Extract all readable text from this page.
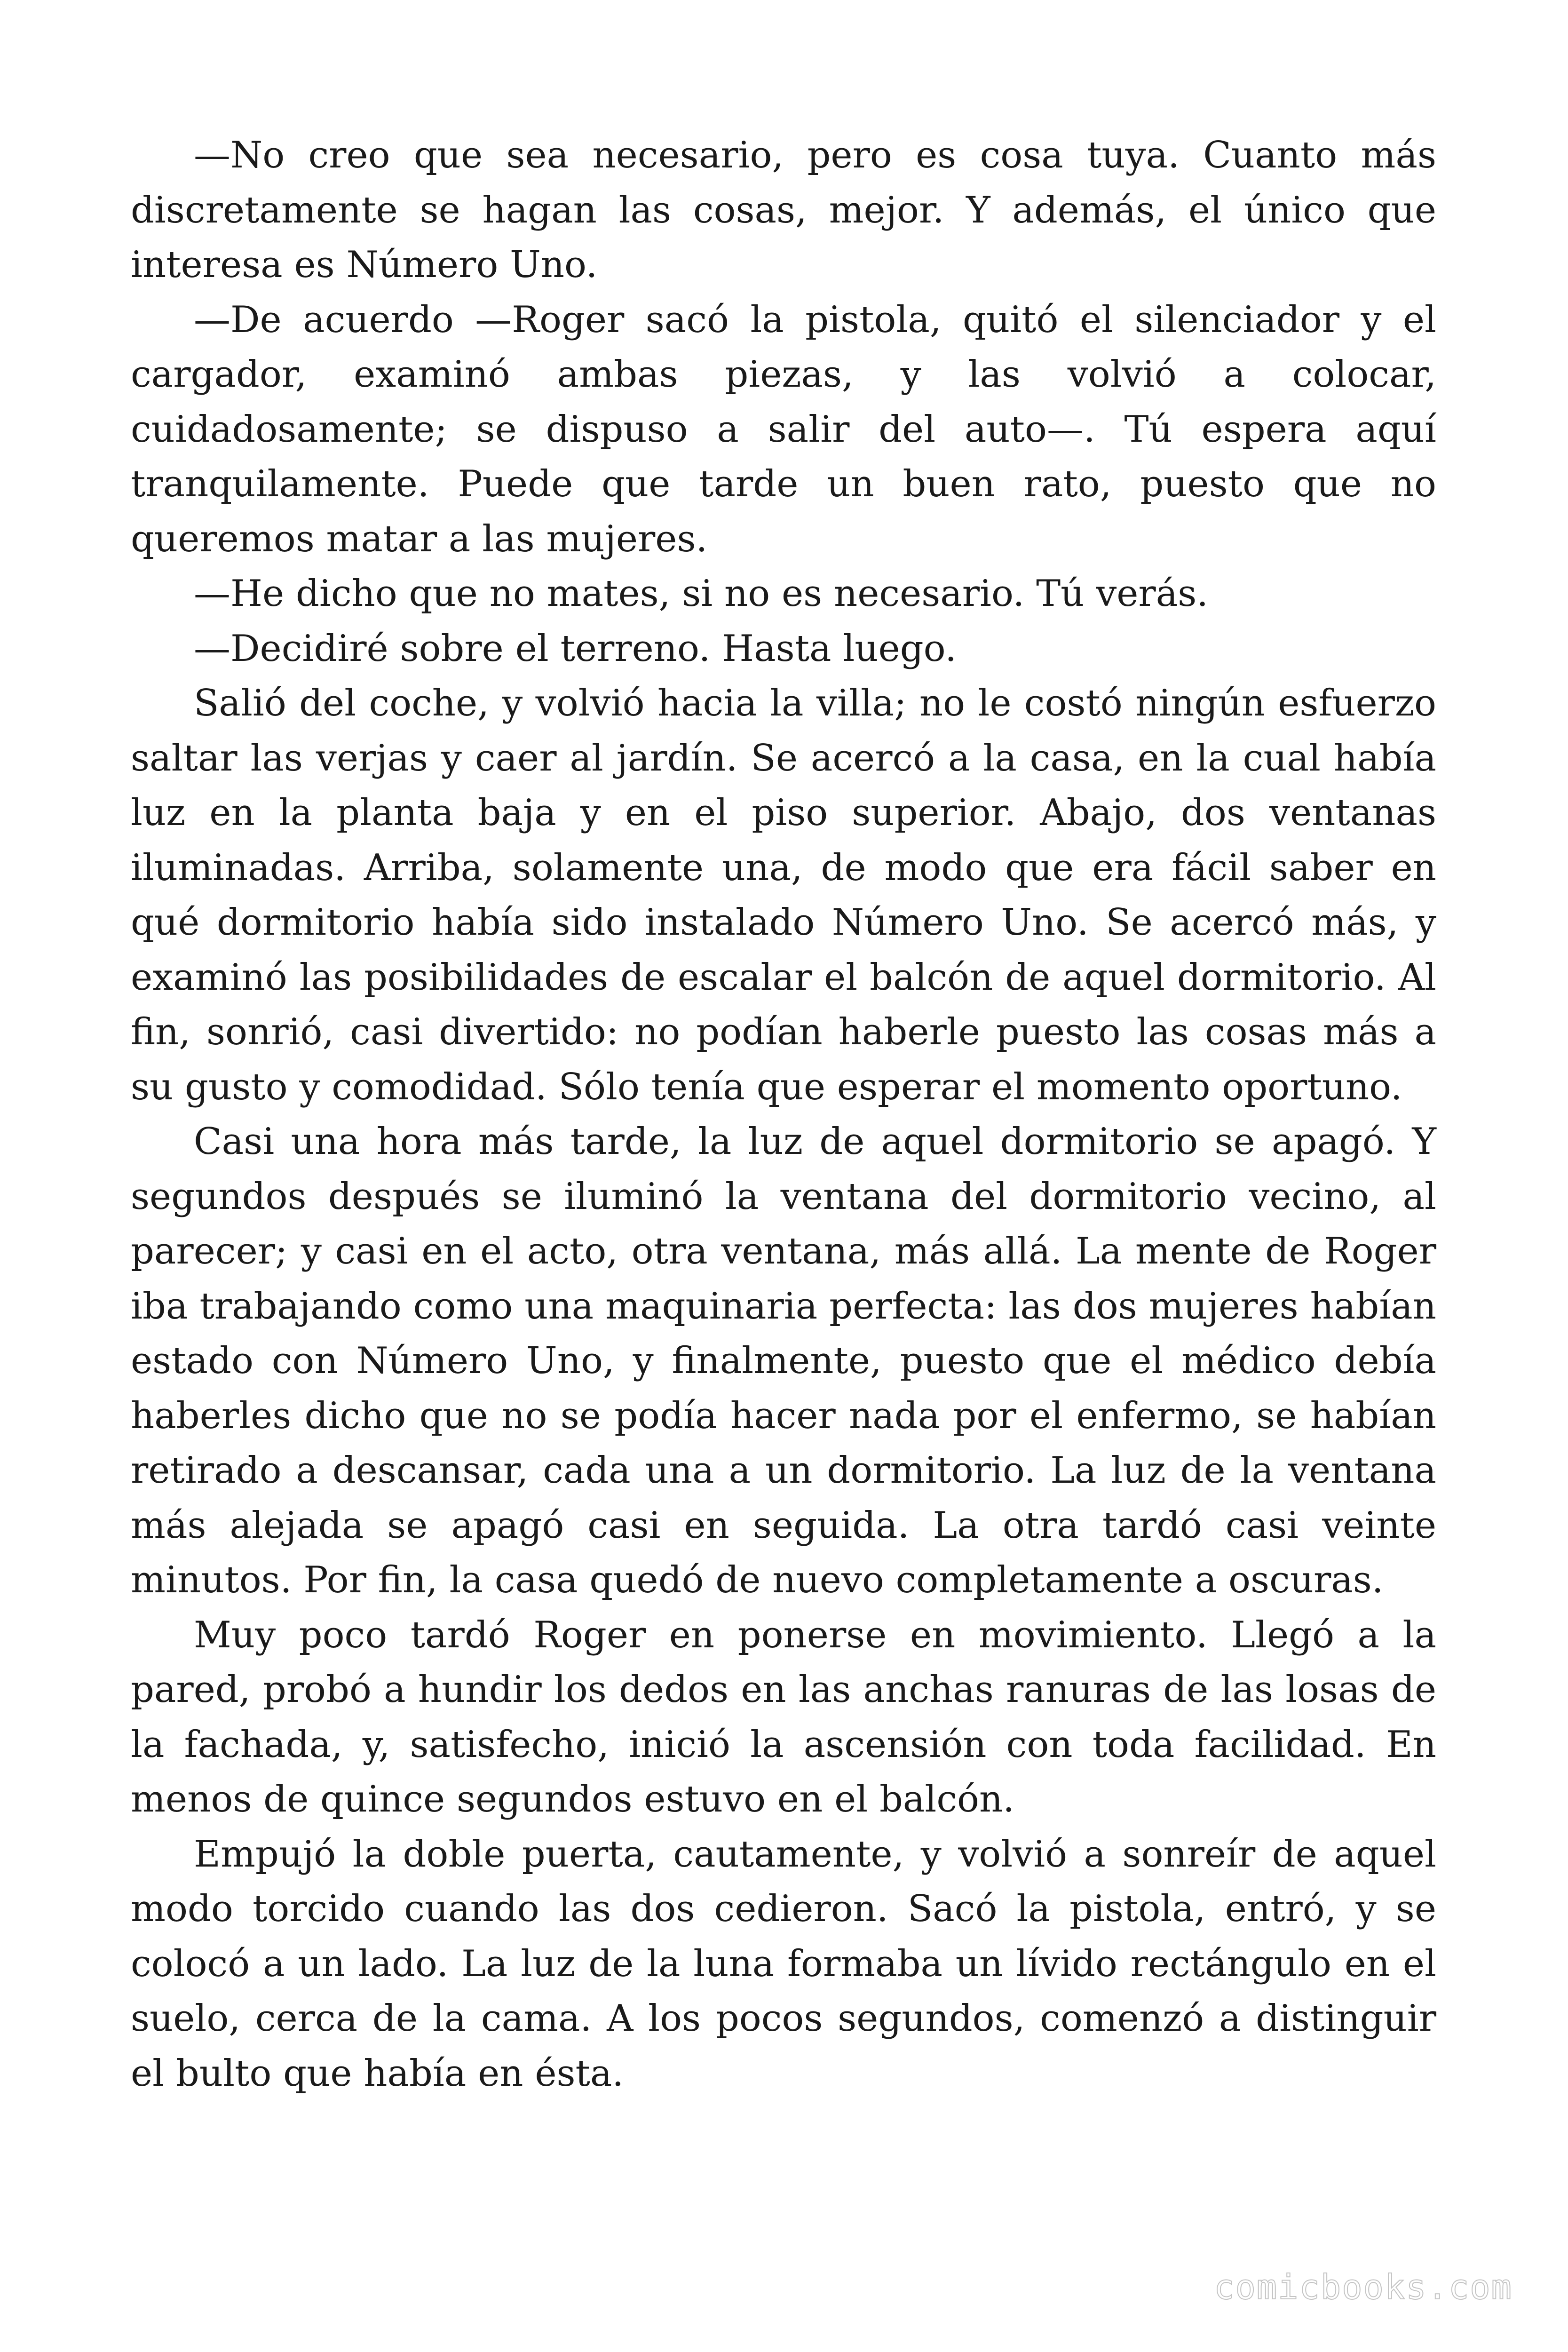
—No creo que sea necesario, pero es cosa tuya. Cuanto más discretamente se hagan las cosas, mejor. Y además, el único que interesa es Número Uno.

—De acuerdo —Roger sacó la pistola, quitó el silenciador y el cargador, examinó ambas piezas, y las volvió a colocar, cuidadosamente; se dispuso a salir del auto—. Tú espera aquí tranquilamente. Puede que tarde un buen rato, puesto que no queremos matar a las mujeres.

—He dicho que no mates, si no es necesario. Tú verás.

—Decidiré sobre el terreno. Hasta luego.

Salió del coche, y volvió hacia la villa; no le costó ningún esfuerzo saltar las verjas y caer al jardín. Se acercó a la casa, en la cual había luz en la planta baja y en el piso superior. Abajo, dos ventanas iluminadas. Arriba, solamente una, de modo que era fácil saber en qué dormitorio había sido instalado Número Uno. Se acercó más, y examinó las posibilidades de escalar el balcón de aquel dormitorio. Al fin, sonrió, casi divertido: no podían haberle puesto las cosas más a su gusto y comodidad. Sólo tenía que esperar el momento oportuno.

Casi una hora más tarde, la luz de aquel dormitorio se apagó. Y segundos después se iluminó la ventana del dormitorio vecino, al parecer; y casi en el acto, otra ventana, más allá. La mente de Roger iba trabajando como una maquinaria perfecta: las dos mujeres habían estado con Número Uno, y finalmente, puesto que el médico debía haberles dicho que no se podía hacer nada por el enfermo, se habían retirado a descansar, cada una a un dormitorio. La luz de la ventana más alejada se apagó casi en seguida. La otra tardó casi veinte minutos. Por fin, la casa quedó de nuevo completamente a oscuras.

Muy poco tardó Roger en ponerse en movimiento. Llegó a la pared, probó a hundir los dedos en las anchas ranuras de las losas de la fachada, y, satisfecho, inició la ascensión con toda facilidad. En menos de quince segundos estuvo en el balcón.

Empujó la doble puerta, cautamente, y volvió a sonreír de aquel modo torcido cuando las dos cedieron. Sacó la pistola, entró, y se colocó a un lado. La luz de la luna formaba un lívido rectángulo en el suelo, cerca de la cama. A los pocos segundos, comenzó a distinguir el bulto que había en ésta.

comicbooks.com
